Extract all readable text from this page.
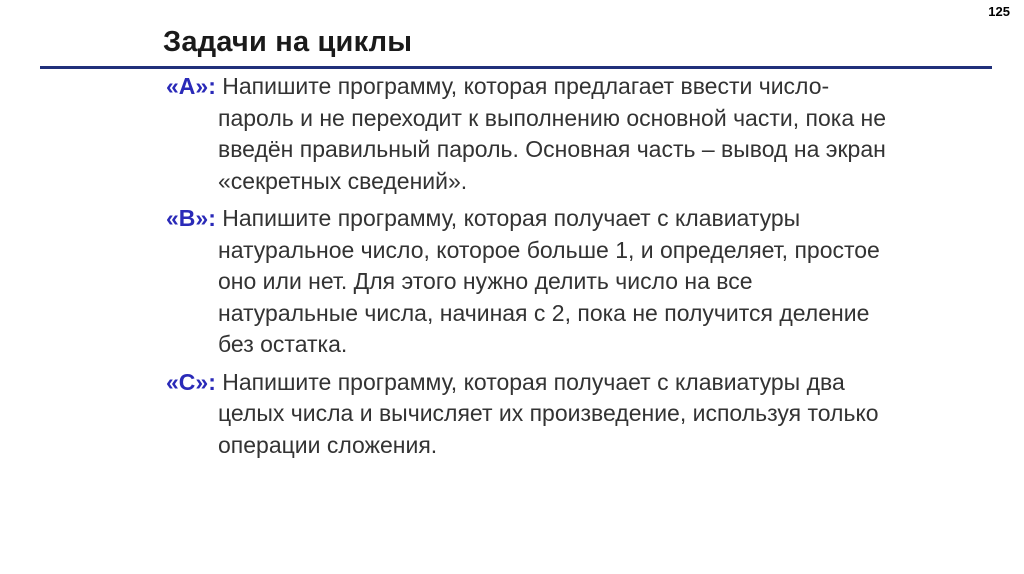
125
Задачи на циклы
«A»: Напишите программу, которая предлагает ввести число-пароль и не переходит к выполнению основной части, пока не введён правильный пароль. Основная часть – вывод на экран «секретных сведений».
«B»: Напишите программу, которая получает с клавиатуры натуральное число, которое больше 1, и определяет, простое оно или нет. Для этого нужно делить число на все натуральные числа, начиная с 2, пока не получится деление без остатка.
«C»: Напишите программу, которая получает с клавиатуры два целых числа и вычисляет их произведение, используя только операции сложения.
